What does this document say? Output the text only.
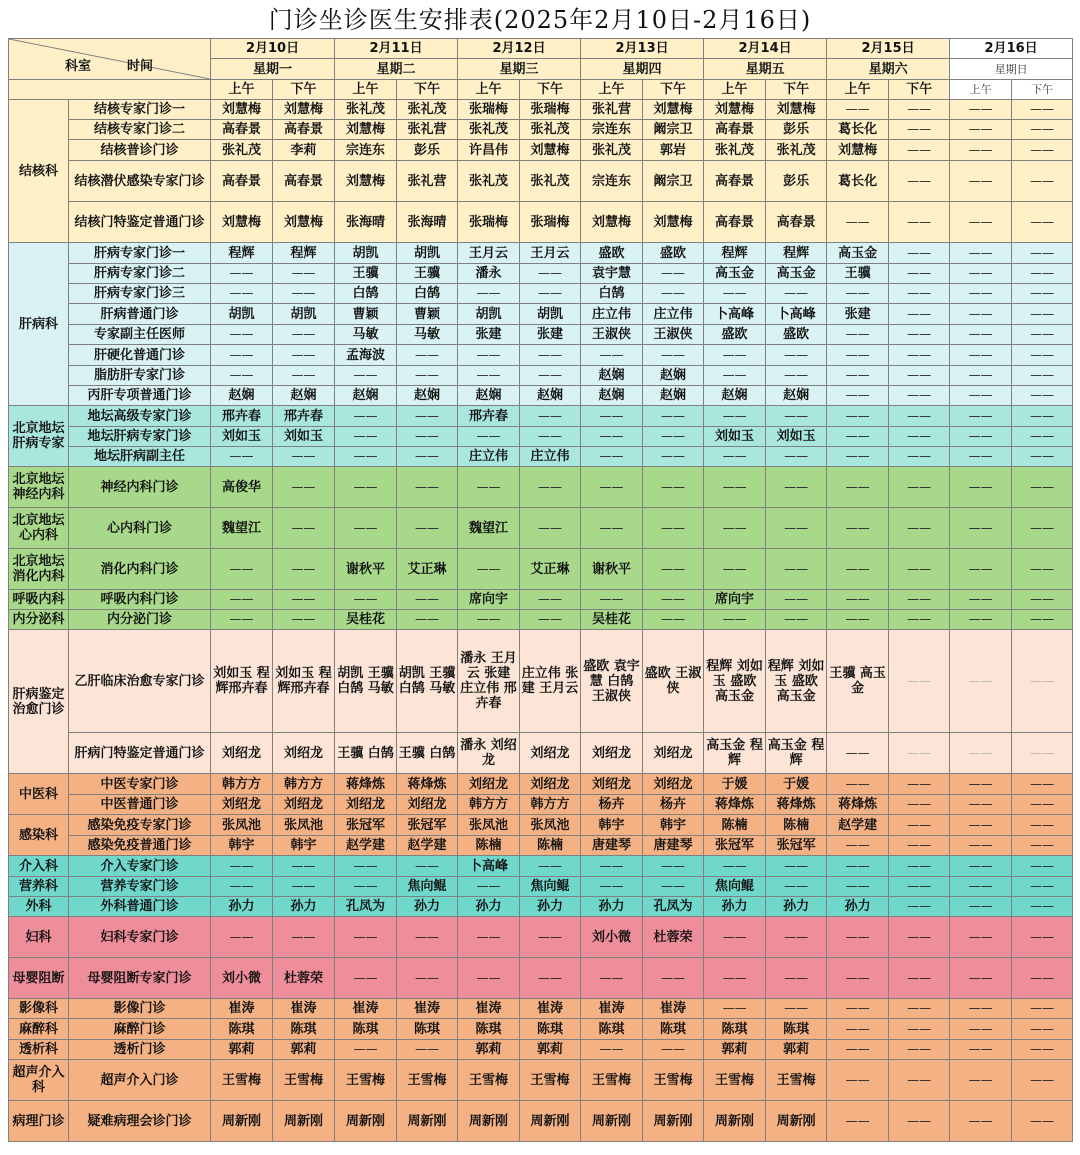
门诊坐诊医生安排表(2025年2月10日-2月16日)
科室 时间		2月10日		2月11日		2月12日		2月13日		2月14日		2月15日		2月16日	
		星期一		星期二		星期三		星期四		星期五		星期六		星期日	
		上午	下午	上午	下午	上午	下午	上午	下午	上午	下午	上午	下午	上午	下午
结核科	结核专家门诊一	刘慧梅	刘慧梅	张礼茂	张礼茂	张瑞梅	张瑞梅	张礼营	刘慧梅	刘慧梅	刘慧梅	——	——	——	——
	结核专家门诊二	高春景	高春景	刘慧梅	张礼营	张礼茂	张礼茂	宗连东	阚宗卫	高春景	彭乐	葛长化	——	——	——
	结核普诊门诊	张礼茂	李莉	宗连东	彭乐	许昌伟	刘慧梅	张礼茂	郭岩	张礼茂	张礼茂	刘慧梅	——	——	——
	结核潜伏感染专家门诊	高春景	高春景	刘慧梅	张礼营	张礼茂	张礼茂	宗连东	阚宗卫	高春景	彭乐	葛长化	——	——	——
	结核门特鉴定普通门诊	刘慧梅	刘慧梅	张海晴	张海晴	张瑞梅	张瑞梅	刘慧梅	刘慧梅	高春景	高春景	——	——	——	——
肝病科	肝病专家门诊一	程辉	程辉	胡凯	胡凯	王月云	王月云	盛欧	盛欧	程辉	程辉	高玉金	——	——	——
	肝病专家门诊二	——	——	王骥	王骥	潘永	——	袁宇慧	——	高玉金	高玉金	王骥	——	——	——
	肝病专家门诊三	——	——	白鹄	白鹄	——	——	白鹄	——	——	——	——	——	——	——
	肝病普通门诊	胡凯	胡凯	曹颖	曹颖	胡凯	胡凯	庄立伟	庄立伟	卜高峰	卜高峰	张建	——	——	——
	专家副主任医师	——	——	马敏	马敏	张建	张建	王淑侠	王淑侠	盛欧	盛欧	——	——	——	——
	肝硬化普通门诊	——	——	孟海波	——	——	——	——	——	——	——	——	——	——	——
	脂肪肝专家门诊	——	——	——	——	——	——	赵娴	赵娴	——	——	——	——	——	——
	丙肝专项普通门诊	赵娴	赵娴	赵娴	赵娴	赵娴	赵娴	赵娴	赵娴	赵娴	赵娴	——	——	——	——
北京地坛肝病专家	地坛高级专家门诊	邢卉春	邢卉春	——	——	邢卉春	——	——	——	——	——	——	——	——	——
	地坛肝病专家门诊	刘如玉	刘如玉	——	——	——	——	——	——	刘如玉	刘如玉	——	——	——	——
	地坛肝病副主任	——	——	——	——	庄立伟	庄立伟	——	——	——	——	——	——	——	——
北京地坛神经内科	神经内科门诊	高俊华	——	——	——	——	——	——	——	——	——	——	——	——	——
北京地坛心内科	心内科门诊	魏望江	——	——	——	魏望江	——	——	——	——	——	——	——	——	——
北京地坛消化内科	消化内科门诊	——	——	谢秋平	艾正琳	——	艾正琳	谢秋平	——	——	——	——	——	——	——
呼吸内科	呼吸内科门诊	——	——	——	——	席向宇	——	——	——	席向宇	——	——	——	——	——
内分泌科	内分泌门诊	——	——	吴桂花	——	——	——	吴桂花	——	——	——	——	——	——	——
肝病鉴定治愈门诊	乙肝临床治愈专家门诊	刘如玉 程辉邢卉春	刘如玉 程辉邢卉春	胡凯 王骥 白鹄 马敏	胡凯 王骥 白鹄 马敏	潘永 王月云 张建 庄立伟 邢卉春	庄立伟 张建 王月云	盛欧 袁宇慧 白鹄 王淑侠	盛欧 王淑侠	程辉 刘如玉 盛欧 高玉金	程辉 刘如玉 盛欧 高玉金	王骥 高玉金	——	——	——
	肝病门特鉴定普通门诊	刘绍龙	刘绍龙	王骥 白鹄	王骥 白鹄	潘永 刘绍龙	刘绍龙	刘绍龙	刘绍龙	高玉金 程辉	高玉金 程辉	——	——	——	——
中医科	中医专家门诊	韩方方	韩方方	蒋烽炼	蒋烽炼	刘绍龙	刘绍龙	刘绍龙	刘绍龙	于媛	于媛	——	——	——	——
	中医普通门诊	刘绍龙	刘绍龙	刘绍龙	刘绍龙	韩方方	韩方方	杨卉	杨卉	蒋烽炼	蒋烽炼	蒋烽炼	——	——	——
感染科	感染免疫专家门诊	张凤池	张凤池	张冠军	张冠军	张凤池	张凤池	韩宇	韩宇	陈楠	陈楠	赵学建	——	——	——
	感染免疫普通门诊	韩宇	韩宇	赵学建	赵学建	陈楠	陈楠	唐建琴	唐建琴	张冠军	张冠军	——	——	——	——
介入科	介入专家门诊	——	——	——	——	卜高峰	——	——	——	——	——	——	——	——	——
营养科	营养专家门诊	——	——	——	焦向鲲	——	焦向鲲	——	——	焦向鲲	——	——	——	——	——
外科	外科普通门诊	孙力	孙力	孔凤为	孙力	孙力	孙力	孙力	孔凤为	孙力	孙力	孙力	——	——	——
妇科	妇科专家门诊	——	——	——	——	——	——	刘小微	杜蓉荣	——	——	——	——	——	——
母婴阻断	母婴阻断专家门诊	刘小微	杜蓉荣	——	——	——	——	——	——	——	——	——	——	——	——
影像科	影像门诊	崔涛	崔涛	崔涛	崔涛	崔涛	崔涛	崔涛	崔涛	——	——	——	——	——	——
麻醉科	麻醉门诊	陈琪	陈琪	陈琪	陈琪	陈琪	陈琪	陈琪	陈琪	陈琪	陈琪	——	——	——	——
透析科	透析门诊	郭莉	郭莉	——	——	郭莉	郭莉	——	——	郭莉	郭莉	——	——	——	——
超声介入科	超声介入门诊	王雪梅	王雪梅	王雪梅	王雪梅	王雪梅	王雪梅	王雪梅	王雪梅	王雪梅	王雪梅	——	——	——	——
病理门诊	疑难病理会诊门诊	周新刚	周新刚	周新刚	周新刚	周新刚	周新刚	周新刚	周新刚	周新刚	周新刚	——	——	——	——
